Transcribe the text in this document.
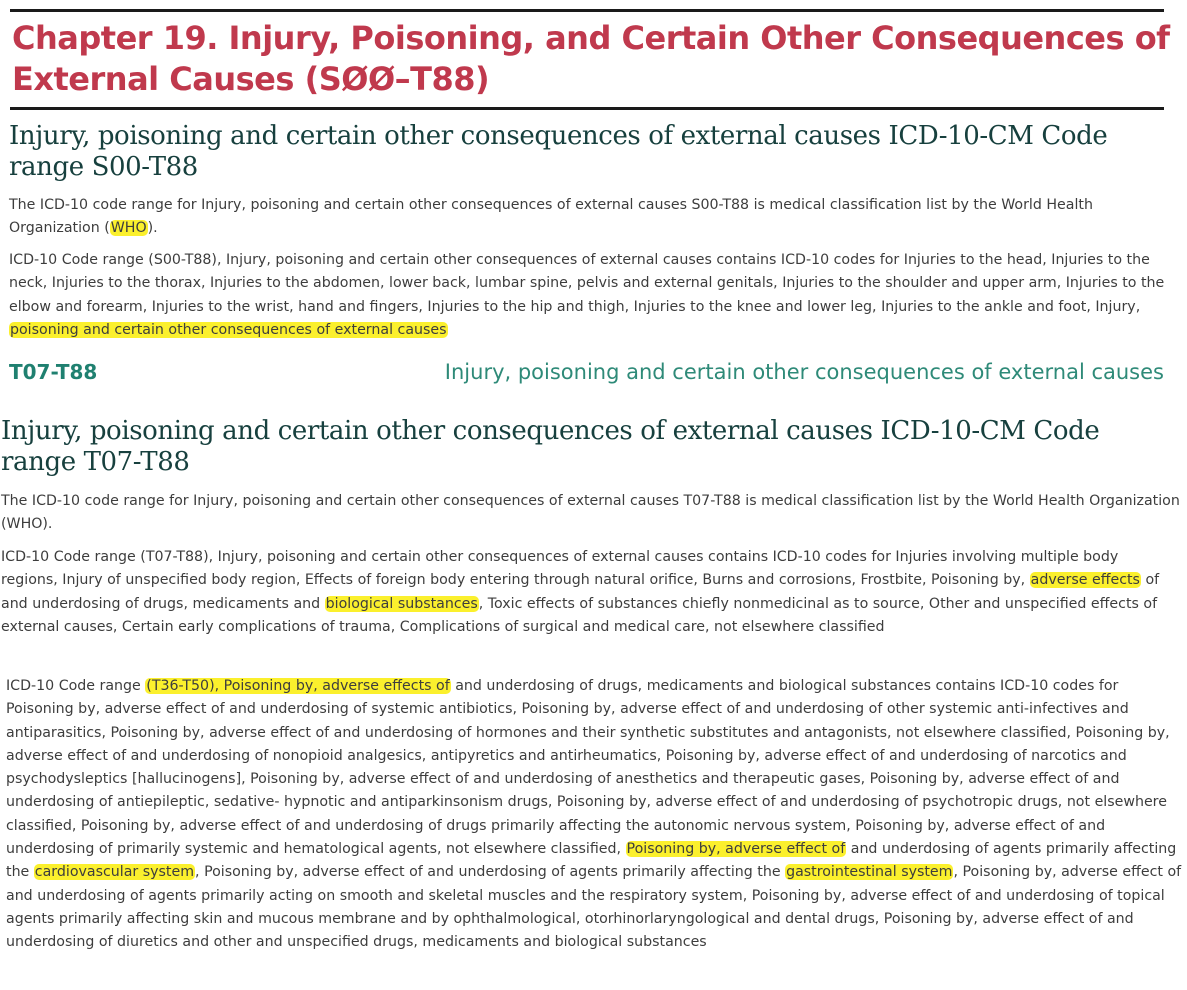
Chapter 19. Injury, Poisoning, and Certain Other Consequences of External Causes (SØØ–T88)
Injury, poisoning and certain other consequences of external causes ICD-10-CM Code range S00-T88

The ICD-10 code range for Injury, poisoning and certain other consequences of external causes S00-T88 is medical classification list by the World Health Organization (WHO).

ICD-10 Code range (S00-T88), Injury, poisoning and certain other consequences of external causes contains ICD-10 codes for Injuries to the head, Injuries to the neck, Injuries to the thorax, Injuries to the abdomen, lower back, lumbar spine, pelvis and external genitals, Injuries to the shoulder and upper arm, Injuries to the elbow and forearm, Injuries to the wrist, hand and fingers, Injuries to the hip and thigh, Injuries to the knee and lower leg, Injuries to the ankle and foot, Injury, poisoning and certain other consequences of external causes

T07-T88	Injury, poisoning and certain other consequences of external causes
Injury, poisoning and certain other consequences of external causes ICD-10-CM Code range T07-T88

The ICD-10 code range for Injury, poisoning and certain other consequences of external causes T07-T88 is medical classification list by the World Health Organization (WHO).

ICD-10 Code range (T07-T88), Injury, poisoning and certain other consequences of external causes contains ICD-10 codes for Injuries involving multiple body regions, Injury of unspecified body region, Effects of foreign body entering through natural orifice, Burns and corrosions, Frostbite, Poisoning by, adverse effects of and underdosing of drugs, medicaments and biological substances, Toxic effects of substances chiefly nonmedicinal as to source, Other and unspecified effects of external causes, Certain early complications of trauma, Complications of surgical and medical care, not elsewhere classified

ICD-10 Code range (T36-T50), Poisoning by, adverse effects of and underdosing of drugs, medicaments and biological substances contains ICD-10 codes for Poisoning by, adverse effect of and underdosing of systemic antibiotics, Poisoning by, adverse effect of and underdosing of other systemic anti-infectives and antiparasitics, Poisoning by, adverse effect of and underdosing of hormones and their synthetic substitutes and antagonists, not elsewhere classified, Poisoning by, adverse effect of and underdosing of nonopioid analgesics, antipyretics and antirheumatics, Poisoning by, adverse effect of and underdosing of narcotics and psychodysleptics [hallucinogens], Poisoning by, adverse effect of and underdosing of anesthetics and therapeutic gases, Poisoning by, adverse effect of and underdosing of antiepileptic, sedative- hypnotic and antiparkinsonism drugs, Poisoning by, adverse effect of and underdosing of psychotropic drugs, not elsewhere classified, Poisoning by, adverse effect of and underdosing of drugs primarily affecting the autonomic nervous system, Poisoning by, adverse effect of and underdosing of primarily systemic and hematological agents, not elsewhere classified, Poisoning by, adverse effect of and underdosing of agents primarily affecting the cardiovascular system, Poisoning by, adverse effect of and underdosing of agents primarily affecting the gastrointestinal system, Poisoning by, adverse effect of and underdosing of agents primarily acting on smooth and skeletal muscles and the respiratory system, Poisoning by, adverse effect of and underdosing of topical agents primarily affecting skin and mucous membrane and by ophthalmological, otorhinorlaryngological and dental drugs, Poisoning by, adverse effect of and underdosing of diuretics and other and unspecified drugs, medicaments and biological substances
